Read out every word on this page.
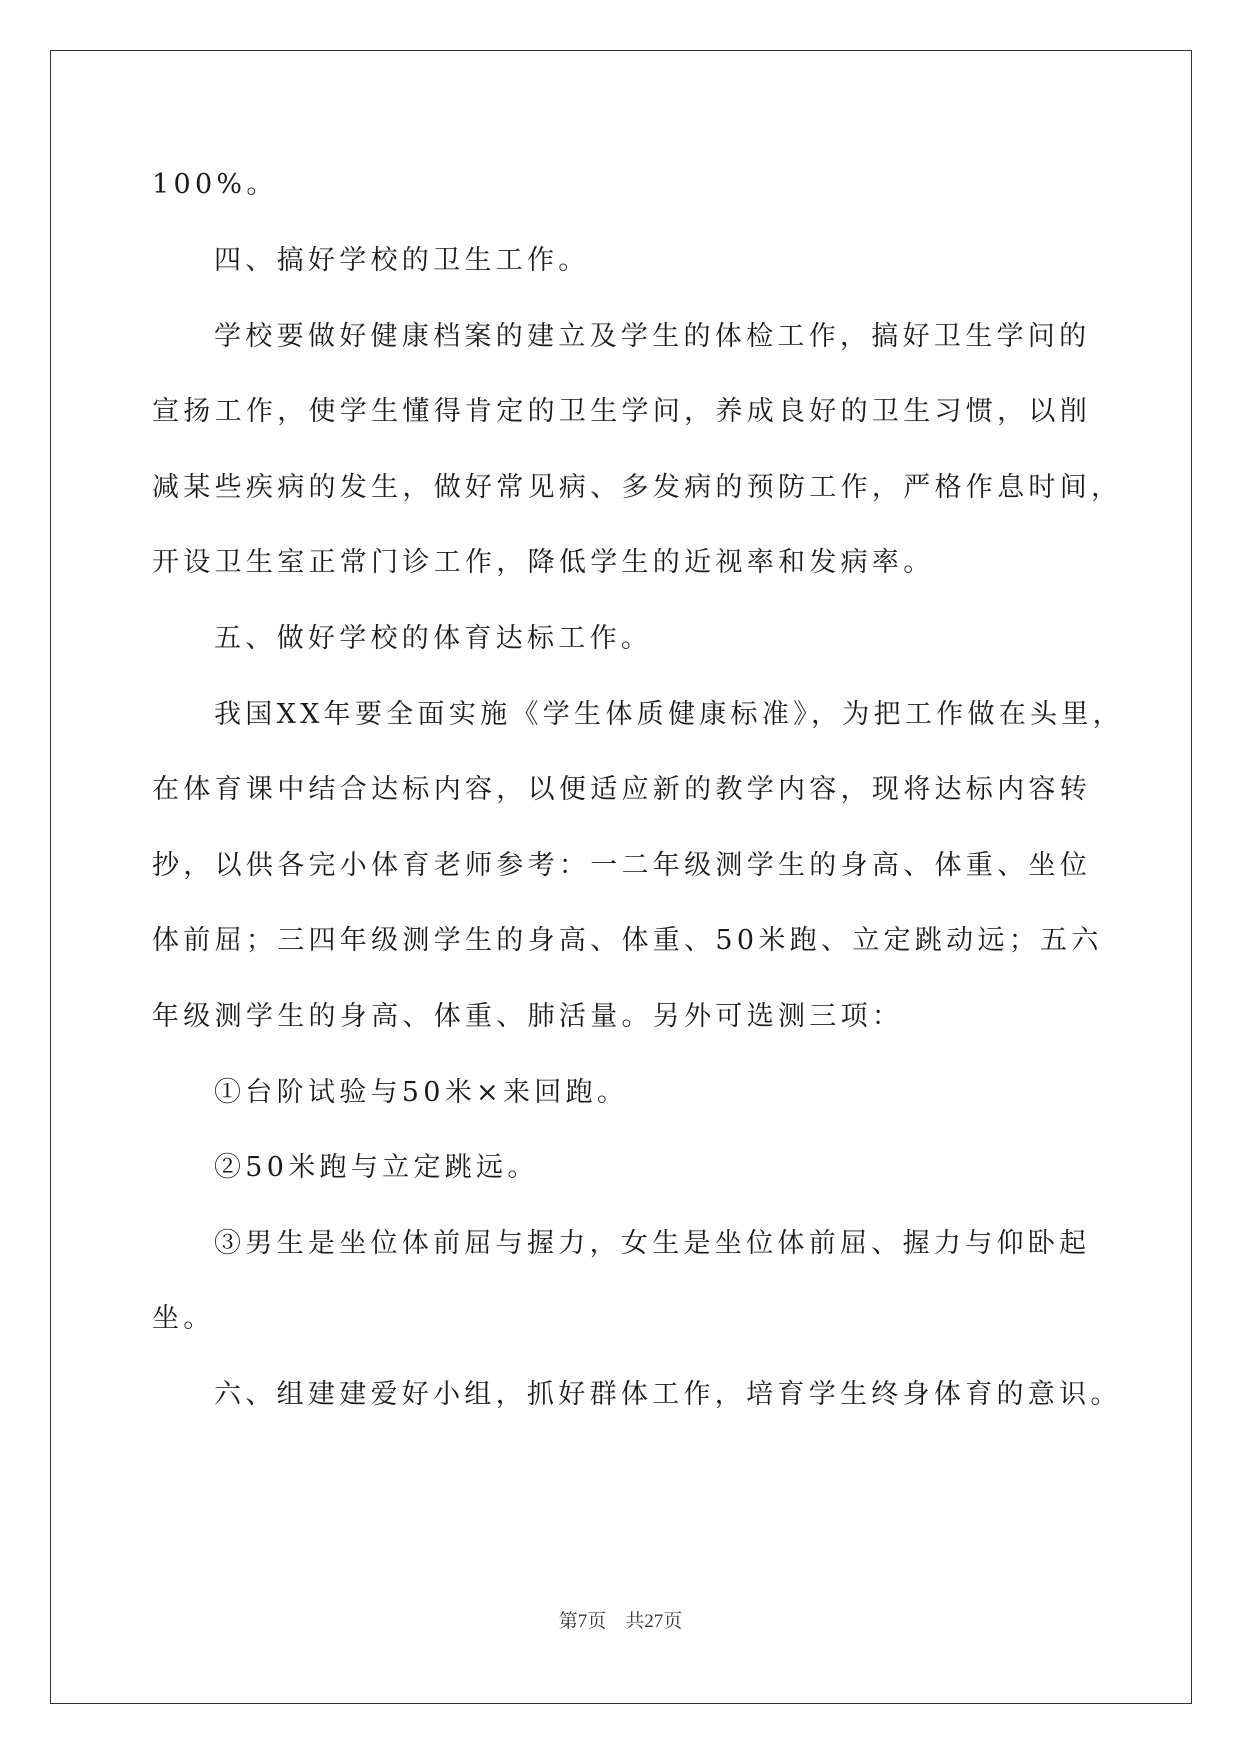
100%。
四、搞好学校的卫生工作。
学校要做好健康档案的建立及学生的体检工作，搞好卫生学问的
宣扬工作，使学生懂得肯定的卫生学问，养成良好的卫生习惯，以削
减某些疾病的发生，做好常见病、多发病的预防工作，严格作息时间，
开设卫生室正常门诊工作，降低学生的近视率和发病率。
五、做好学校的体育达标工作。
我国XX年要全面实施《学生体质健康标准》，为把工作做在头里，
在体育课中结合达标内容，以便适应新的教学内容，现将达标内容转
抄，以供各完小体育老师参考：一二年级测学生的身高、体重、坐位
体前屈；三四年级测学生的身高、体重、50米跑、立定跳动远；五六
年级测学生的身高、体重、肺活量。另外可选测三项：
①台阶试验与50米×来回跑。
②50米跑与立定跳远。
③男生是坐位体前屈与握力，女生是坐位体前屈、握力与仰卧起
坐。
六、组建建爱好小组，抓好群体工作，培育学生终身体育的意识。
第7页　共27页
